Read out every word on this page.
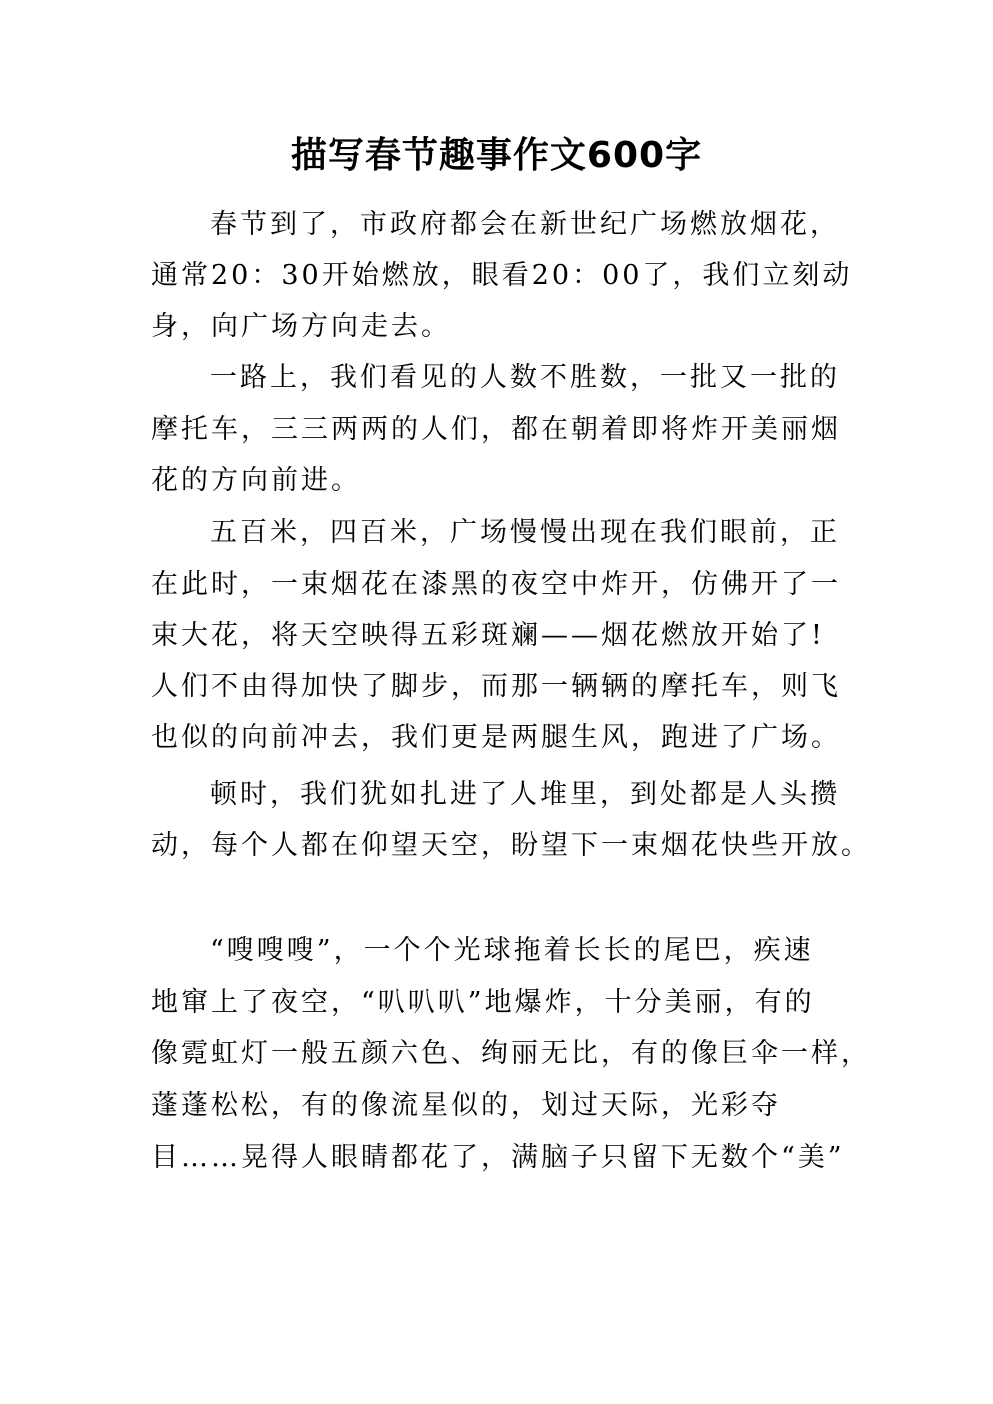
描写春节趣事作文600字
春节到了，市政府都会在新世纪广场燃放烟花，
通常20：30开始燃放，眼看20：00了，我们立刻动
身，向广场方向走去。
一路上，我们看见的人数不胜数，一批又一批的
摩托车，三三两两的人们，都在朝着即将炸开美丽烟
花的方向前进。
五百米，四百米，广场慢慢出现在我们眼前，正
在此时，一束烟花在漆黑的夜空中炸开，仿佛开了一
束大花，将天空映得五彩斑斓——烟花燃放开始了!
人们不由得加快了脚步，而那一辆辆的摩托车，则飞
也似的向前冲去，我们更是两腿生风，跑进了广场。
顿时，我们犹如扎进了人堆里，到处都是人头攒
动，每个人都在仰望天空，盼望下一束烟花快些开放。
“嗖嗖嗖”，一个个光球拖着长长的尾巴，疾速
地窜上了夜空，“叭叭叭”地爆炸，十分美丽，有的
像霓虹灯一般五颜六色、绚丽无比，有的像巨伞一样，
蓬蓬松松，有的像流星似的，划过天际，光彩夺
目……晃得人眼睛都花了，满脑子只留下无数个“美”
